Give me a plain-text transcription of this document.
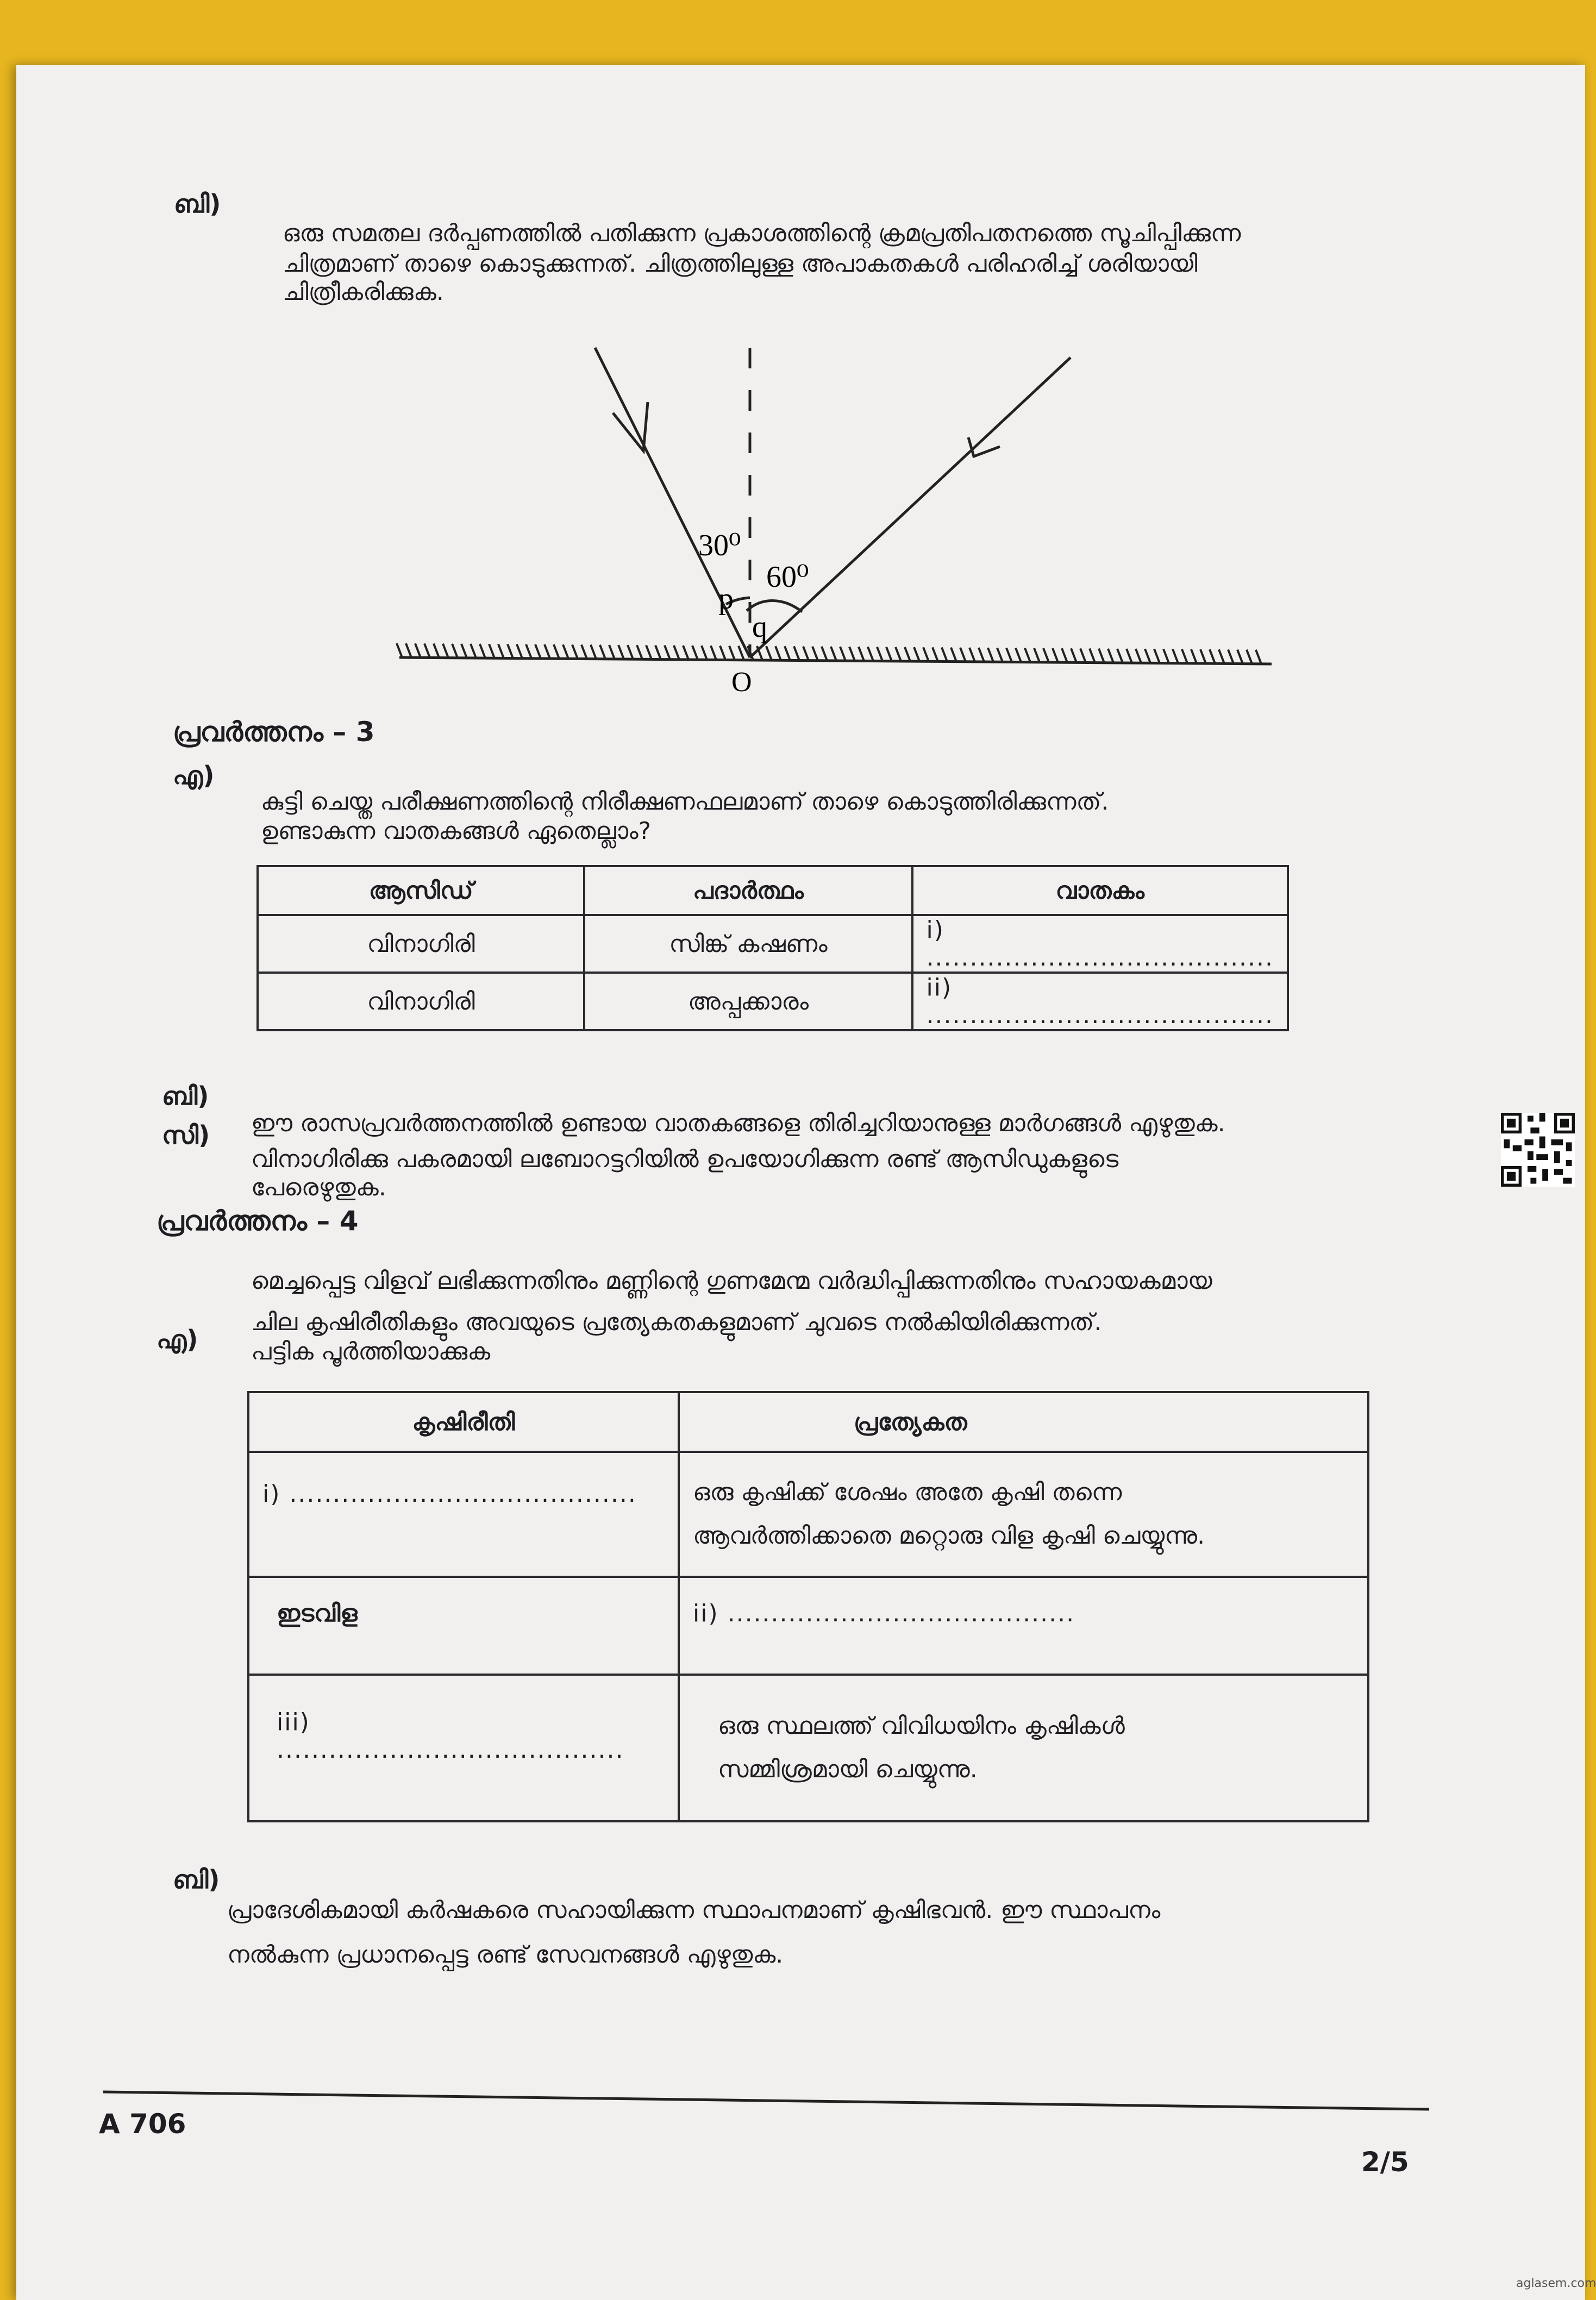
ബി)
ഒരു സമതല ദർപ്പണത്തിൽ പതിക്കുന്ന പ്രകാശത്തിന്റെ ക്രമപ്രതിപതനത്തെ സൂചിപ്പിക്കുന്ന
ചിത്രമാണ് താഴെ കൊടുക്കുന്നത്. ചിത്രത്തിലുള്ള അപാകതകൾ പരിഹരിച്ച് ശരിയായി
ചിത്രീകരിക്കുക.
30⁰
60⁰
p
q
O
പ്രവർത്തനം – 3
എ)
കുട്ടി ചെയ്ത പരീക്ഷണത്തിന്റെ നിരീക്ഷണഫലമാണ് താഴെ കൊടുത്തിരിക്കുന്നത്.
ഉണ്ടാകുന്ന വാതകങ്ങൾ ഏതെല്ലാം?
ആസിഡ്	പദാർത്ഥം	വാതകം
വിനാഗിരി	സിങ്ക് കഷണം	i) ........................................
വിനാഗിരി	അപ്പക്കാരം	ii) ........................................
ബി)
ഈ രാസപ്രവർത്തനത്തിൽ ഉണ്ടായ വാതകങ്ങളെ തിരിച്ചറിയാനുള്ള മാർഗങ്ങൾ എഴുതുക.
സി)
വിനാഗിരിക്കു പകരമായി ലബോറട്ടറിയിൽ ഉപയോഗിക്കുന്ന രണ്ട് ആസിഡുകളുടെ
പേരെഴുതുക.
പ്രവർത്തനം – 4
മെച്ചപ്പെട്ട വിളവ് ലഭിക്കുന്നതിനും മണ്ണിന്റെ ഗുണമേന്മ വർദ്ധിപ്പിക്കുന്നതിനും സഹായകമായ
ചില കൃഷിരീതികളും അവയുടെ പ്രത്യേകതകളുമാണ് ചുവടെ നൽകിയിരിക്കുന്നത്.
എ) പട്ടിക പൂർത്തിയാക്കുക
കൃഷിരീതി	പ്രത്യേകത
i) ........................................	ഒരു കൃഷിക്ക് ശേഷം അതേ കൃഷി തന്നെ
ആവർത്തിക്കാതെ മറ്റൊരു വിള കൃഷി ചെയ്യുന്നു.

ഇടവിള	ii) ........................................
iii) ........................................	ഒരു സ്ഥലത്ത് വിവിധയിനം കൃഷികൾ
സമ്മിശ്രമായി ചെയ്യുന്നു.
ബി)
പ്രാദേശികമായി കർഷകരെ സഹായിക്കുന്ന സ്ഥാപനമാണ് കൃഷിഭവൻ. ഈ സ്ഥാപനം
നൽകുന്ന പ്രധാനപ്പെട്ട രണ്ട് സേവനങ്ങൾ എഴുതുക.
A 706
2/5
aglasem.com
